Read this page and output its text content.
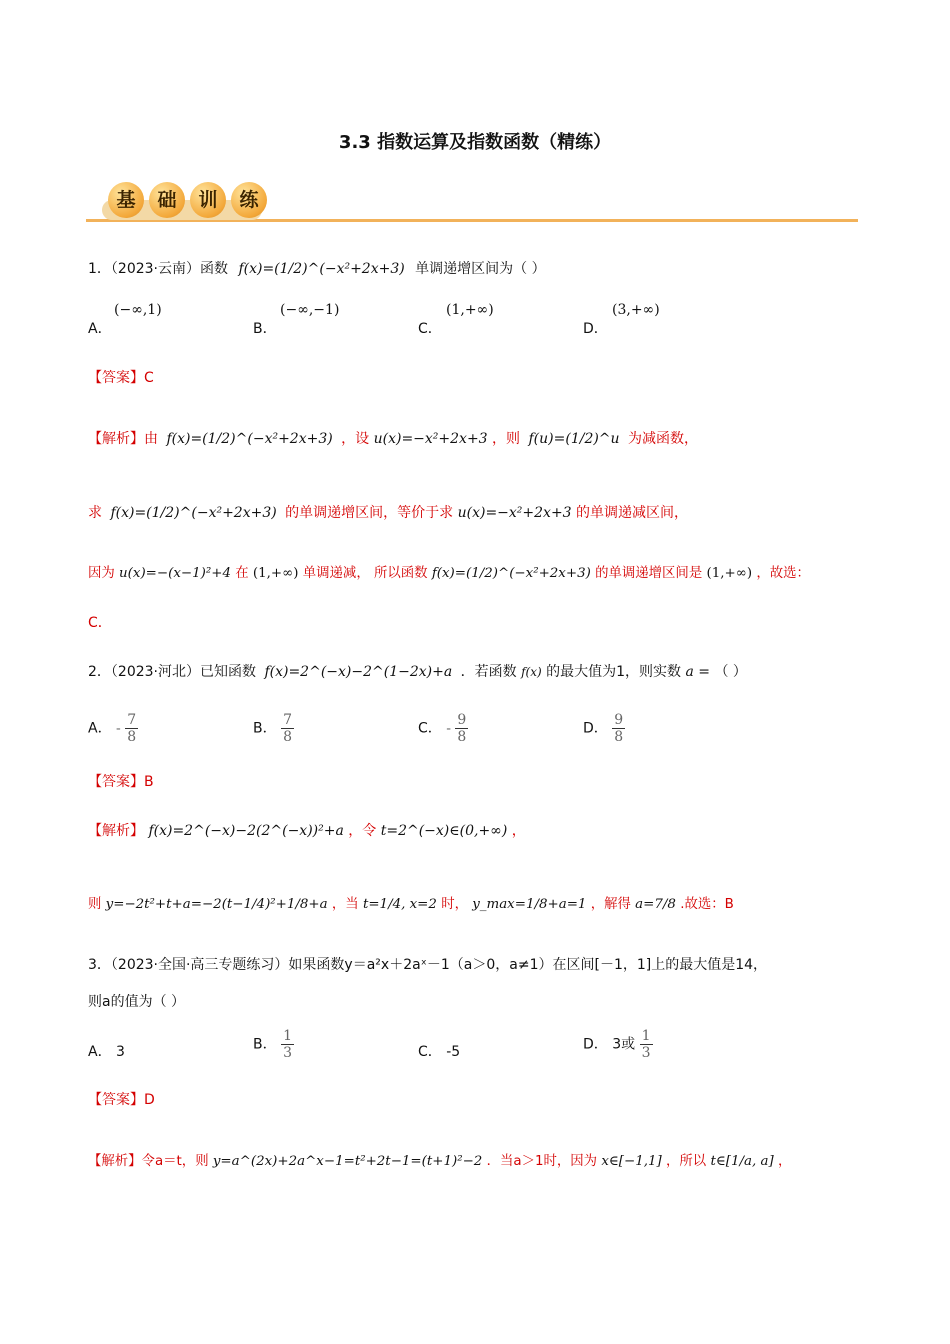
3.3 指数运算及指数函数（精练）
基	础	训	练
1．（2023·云南）函数 f(x)=(1/2)^(−x²+2x+3) 单调递增区间为（ ）
A．
(−∞,1)
B．
(−∞,−1)
C．
(1,+∞)
D．
(3,+∞)
【答案】C
【解析】由 f(x)=(1/2)^(−x²+2x+3) ，设 u(x)=−x²+2x+3 ，则 f(u)=(1/2)^u 为减函数，
求 f(x)=(1/2)^(−x²+2x+3) 的单调递增区间，等价于求 u(x)=−x²+2x+3 的单调递减区间，
因为 u(x)=−(x−1)²+4 在 (1,+∞) 单调递减， 所以函数 f(x)=(1/2)^(−x²+2x+3) 的单调递增区间是 (1,+∞) ，故选：
C．
2．（2023·河北）已知函数 f(x)=2^(−x)−2^(1−2x)+a ．若函数 f(x) 的最大值为1，则实数 a = （ ）
A． - $\frac{7}{8}$	B． $\frac{7}{8}$	C． - $\frac{9}{8}$	D． $\frac{9}{8}$
【答案】B
【解析】 f(x)=2^(−x)−2(2^(−x))²+a ，令 t=2^(−x)∈(0,+∞) ，
则 y=−2t²+t+a=−2(t−1/4)²+1/8+a ，当 t=1/4, x=2 时， y_max=1/8+a=1 ，解得 a=7/8 .故选：B
3．（2023·全国·高三专题练习）如果函数y＝a²x＋2aˣ－1（a＞0，a≠1）在区间[－1，1]上的最大值是14，
则a的值为（ ）
A． 3	B． $\frac{1}{3}$	C． -5	D． 3或 $\frac{1}{3}$
【答案】D
【解析】令a＝t，则 y=a^(2x)+2a^x−1=t²+2t−1=(t+1)²−2 ．当a＞1时，因为 x∈[−1,1] ，所以 t∈[1/a, a] ，
